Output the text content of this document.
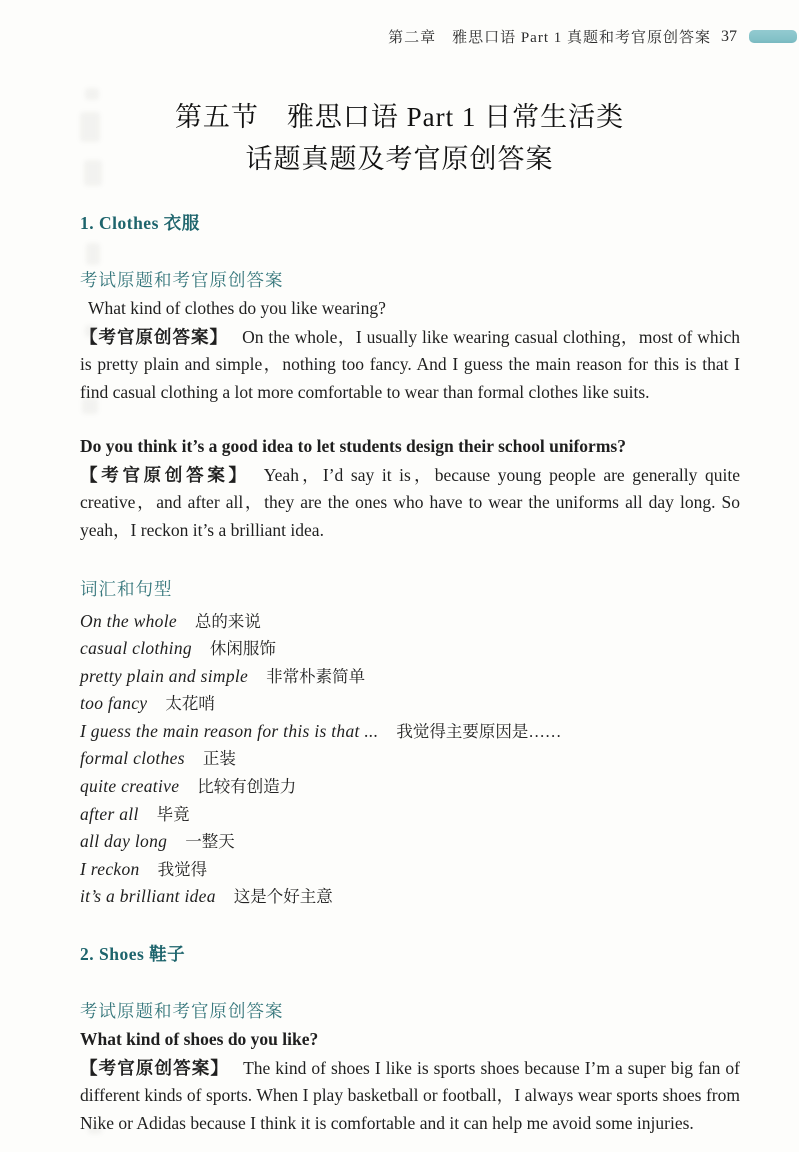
第二章　雅思口语 Part 1 真题和考官原创答案 37
第五节　雅思口语 Part 1 日常生活类
话题真题及考官原创答案
1. Clothes 衣服
考试原题和考官原创答案
What kind of clothes do you like wearing?

【考官原创答案】 On the whole，I usually like wearing casual clothing，most of which is pretty plain and simple，nothing too fancy. And I guess the main reason for this is that I find casual clothing a lot more comfortable to wear than formal clothes like suits.

Do you think it’s a good idea to let students design their school uniforms?

【考官原创答案】 Yeah，I’d say it is，because young people are generally quite creative，and after all，they are the ones who have to wear the uniforms all day long. So yeah，I reckon it’s a brilliant idea.

词汇和句型
On the whole 总的来说
casual clothing 休闲服饰
pretty plain and simple 非常朴素简单
too fancy 太花哨
I guess the main reason for this is that ... 我觉得主要原因是……
formal clothes 正装
quite creative 比较有创造力
after all 毕竟
all day long 一整天
I reckon 我觉得
it’s a brilliant idea 这是个好主意
2. Shoes 鞋子
考试原题和考官原创答案
What kind of shoes do you like?

【考官原创答案】 The kind of shoes I like is sports shoes because I’m a super big fan of different kinds of sports. When I play basketball or football，I always wear sports shoes from Nike or Adidas because I think it is comfortable and it can help me avoid some injuries.
